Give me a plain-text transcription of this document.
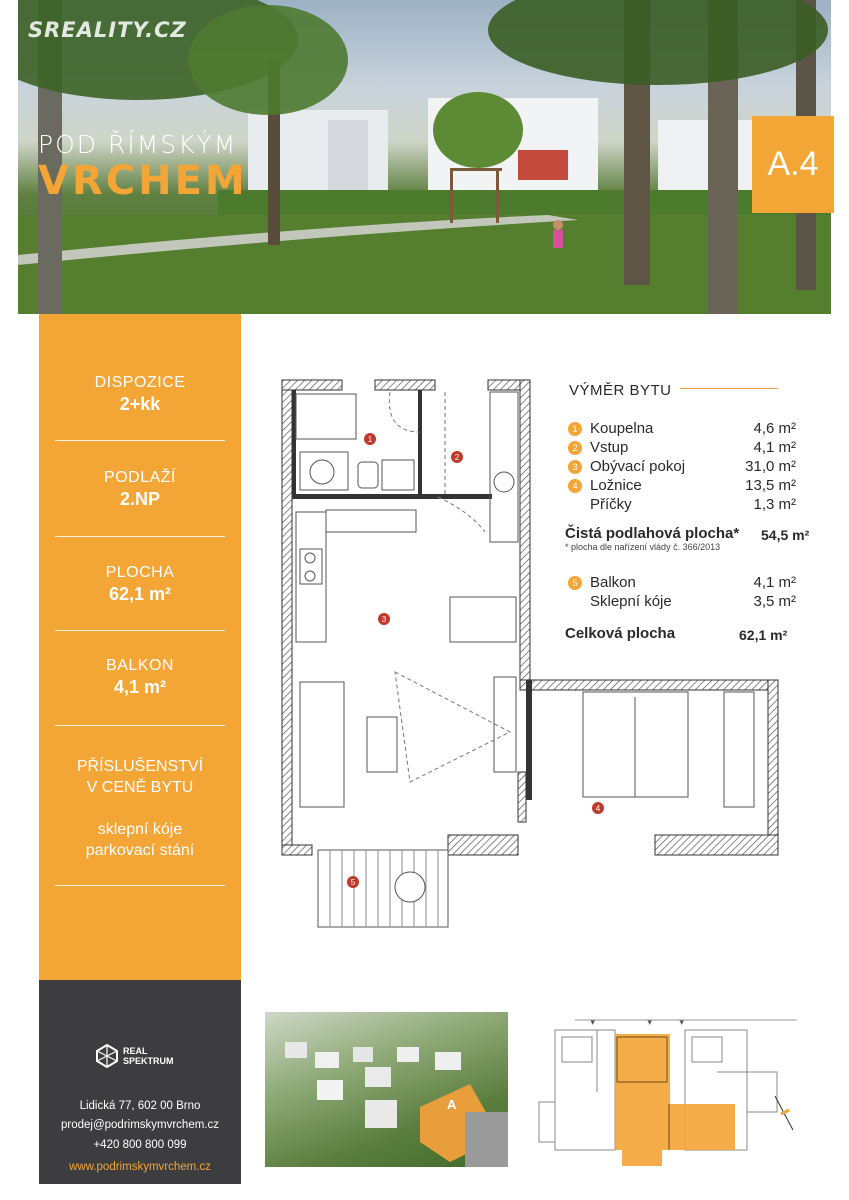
SREALITY.CZ
POD ŘÍMSKÝM
VRCHEM	A.4
DISPOZICE
2+kk
PODLAŽÍ
2.NP
PLOCHA
62,1 m²
BALKON
4,1 m²
PŘÍSLUŠENSTVÍ
V CENĚ BYTU
sklepní kóje
parkovací stání
REAL
SPEKTRUM
Lidická 77, 602 00 Brno
prodej@podrimskymvrchem.cz
+420 800 800 099
www.podrimskymvrchem.cz
VÝMĚR BYTU
1 Koupelna	4,6 m²
2 Vstup	4,1 m²
3 Obývací pokoj	31,0 m²
4 Ložnice	13,5 m²
Příčky	1,3 m²
Čistá podlahová plocha* 54,5 m²
* plocha dle nařízení vlády č. 366/2013
5 Balkon	4,1 m²
Sklepní kóje	3,5 m²
Celková plocha	62,1 m²
1
2
3
4
5
A
▼	▼	▼
